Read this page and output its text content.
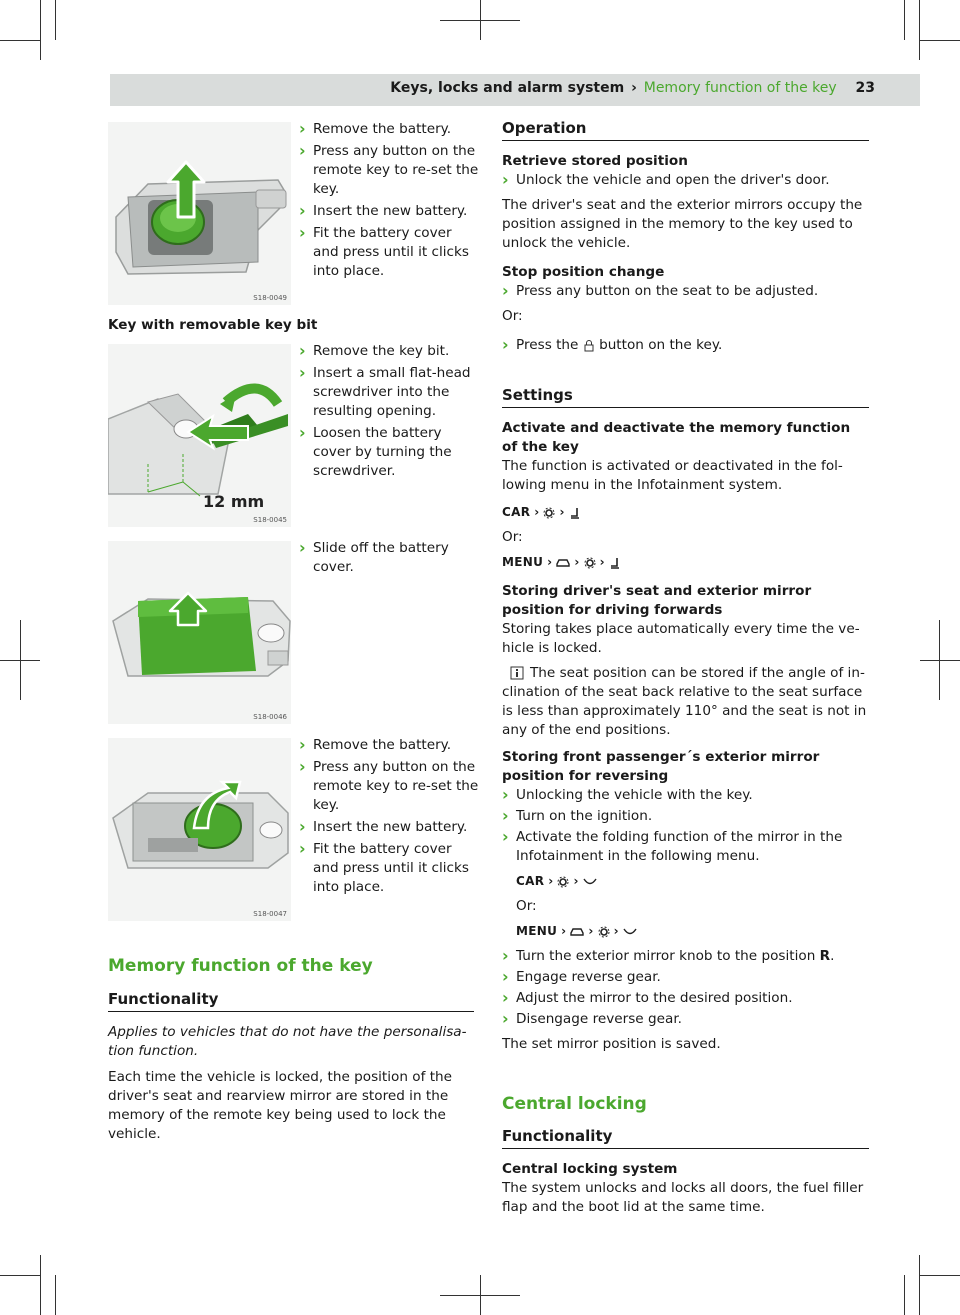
Keys, locks and alarm system › Memory function of the key 23
S18-0049
› Remove the battery.
› Press any button on the remote key to re-set the key.
› Insert the new battery.
› Fit the battery cover and press until it clicks into place.
Key with removable key bit
12 mm
S18-0045
› Remove the key bit.
› Insert a small flat-head screwdriver into the resulting opening.
› Loosen the battery cover by turning the screwdriver.
S18-0046
› Slide off the battery cover.
S18-0047
› Remove the battery.
› Press any button on the remote key to re-set the key.
› Insert the new battery.
› Fit the battery cover and press until it clicks into place.
Memory function of the key
Functionality
Applies to vehicles that do not have the personalisa-tion function.
Each time the vehicle is locked, the position of the driver's seat and rearview mirror are stored in the memory of the remote key being used to lock the vehicle.
Operation
Retrieve stored position
› Unlock the vehicle and open the driver's door.
The driver's seat and the exterior mirrors occupy the position assigned in the memory to the key used to unlock the vehicle.
Stop position change
› Press any button on the seat to be adjusted.
Or:
› Press the button on the key.
Settings
Activate and deactivate the memory function of the key
The function is activated or deactivated in the fol-lowing menu in the Infotainment system.
CAR › ›
Or:
MENU › › ›
Storing driver's seat and exterior mirror position for driving forwards
Storing takes place automatically every time the ve-hicle is locked.
The seat position can be stored if the angle of in-clination of the seat back relative to the seat surface is less than approximately 110° and the seat is not in any of the end positions.
Storing front passenger´s exterior mirror position for reversing
› Unlocking the vehicle with the key.
› Turn on the ignition.
› Activate the folding function of the mirror in the Infotainment in the following menu.
CAR › ›
Or:
MENU › › ›
› Turn the exterior mirror knob to the position R.
› Engage reverse gear.
› Adjust the mirror to the desired position.
› Disengage reverse gear.
The set mirror position is saved.
Central locking
Functionality
Central locking system
The system unlocks and locks all doors, the fuel filler flap and the boot lid at the same time.
